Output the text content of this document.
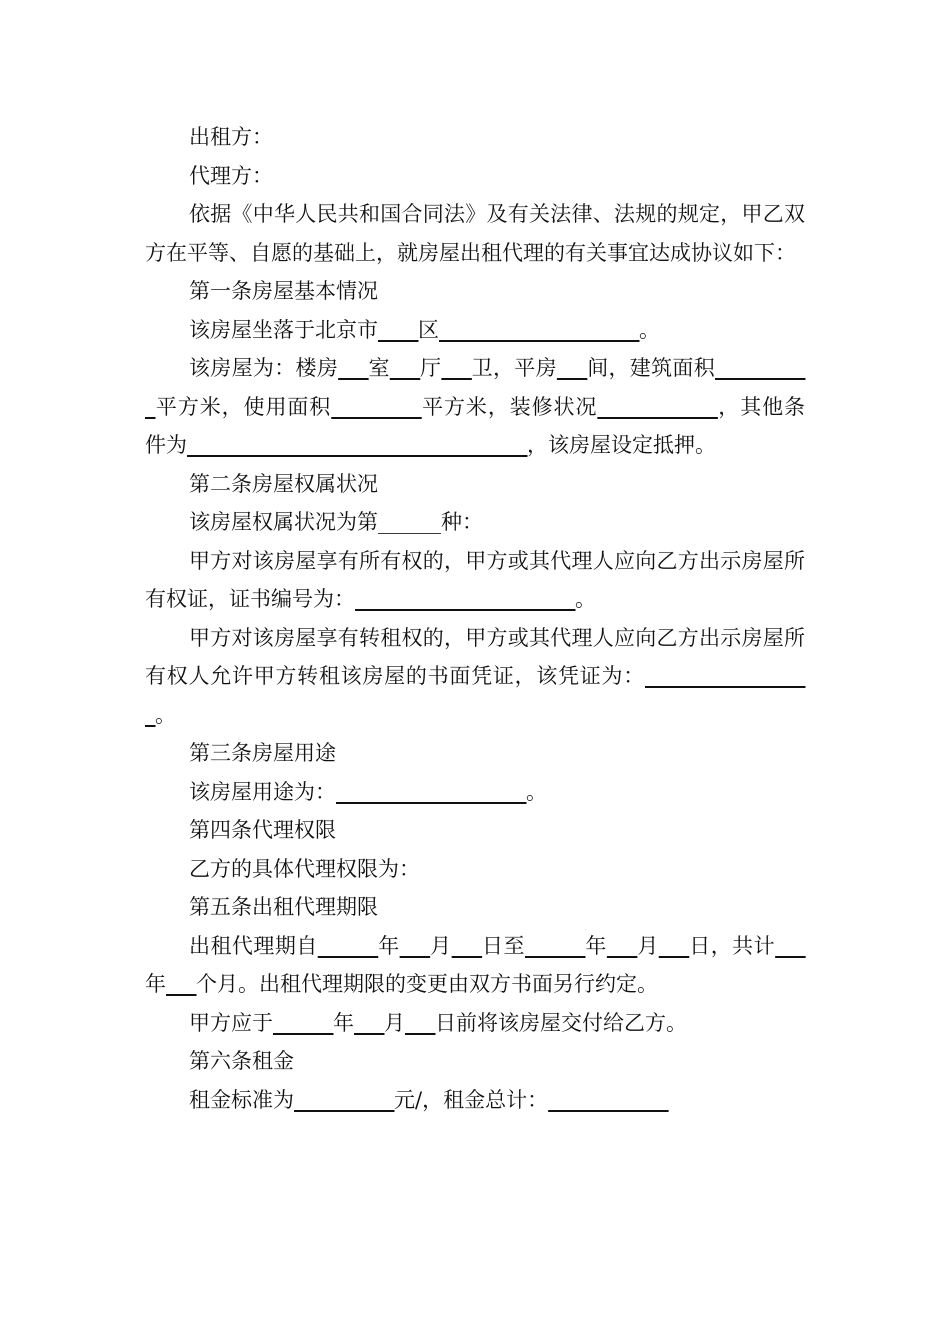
出租方：

代理方：

依据《中华人民共和国合同法》及有关法律、法规的规定，甲乙双方在平等、自愿的基础上，就房屋出租代理的有关事宜达成协议如下：

第一条房屋基本情况

该房屋坐落于北京市____区____________________。

该房屋为：楼房___室___厅___卫，平房___间，建筑面积__________平方米，使用面积_________平方米，装修状况____________，其他条件为__________________________________，该房屋设定抵押。

第二条房屋权属状况

该房屋权属状况为第______种：

甲方对该房屋享有所有权的，甲方或其代理人应向乙方出示房屋所有权证，证书编号为：______________________。

甲方对该房屋享有转租权的，甲方或其代理人应向乙方出示房屋所有权人允许甲方转租该房屋的书面凭证，该凭证为：_________________。

第三条房屋用途

该房屋用途为：___________________。

第四条代理权限

乙方的具体代理权限为：

第五条出租代理期限

出租代理期自______年___月___日至______年___月___日，共计___年___个月。出租代理期限的变更由双方书面另行约定。

甲方应于______年___月___日前将该房屋交付给乙方。

第六条租金

租金标准为__________元/，租金总计：____________
